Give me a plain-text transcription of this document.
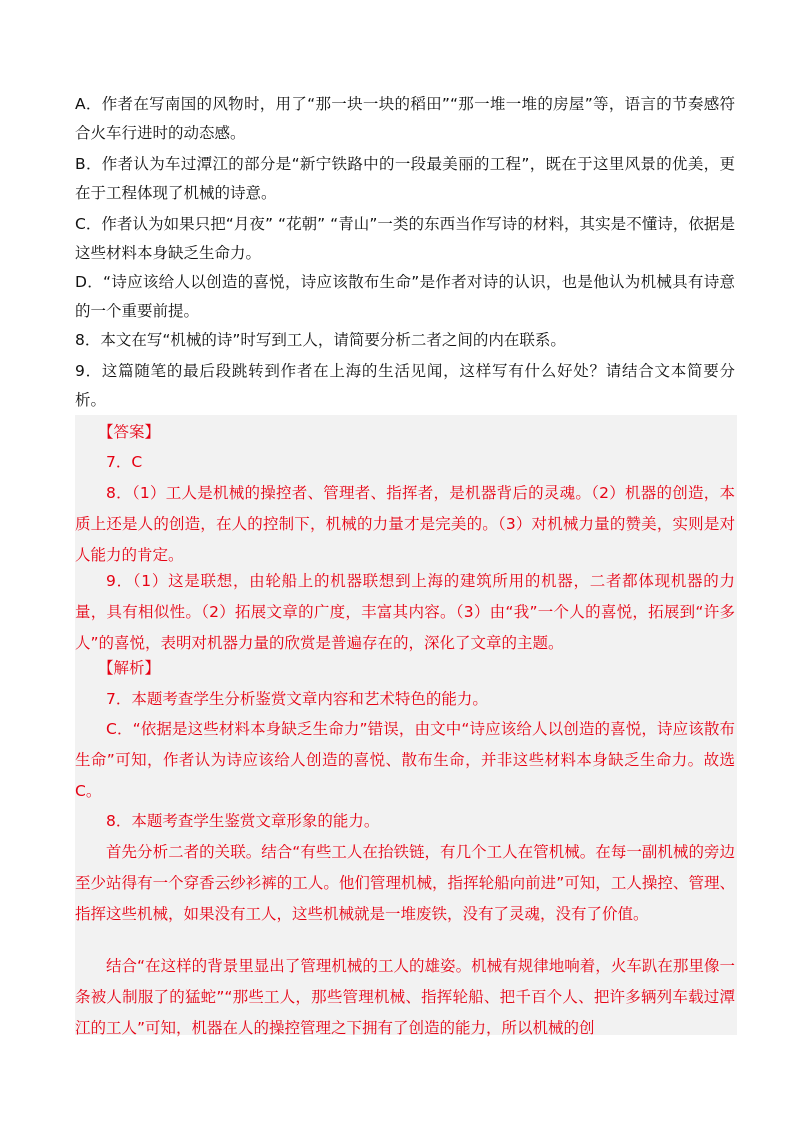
A．作者在写南国的风物时，用了“那一块一块的稻田”“那一堆一堆的房屋”等，语言的节奏感符合火车行进时的动态感。

B．作者认为车过潭江的部分是“新宁铁路中的一段最美丽的工程”，既在于这里风景的优美，更在于工程体现了机械的诗意。

C．作者认为如果只把“月夜” “花朝” “青山”一类的东西当作写诗的材料，其实是不懂诗，依据是这些材料本身缺乏生命力。

D．“诗应该给人以创造的喜悦，诗应该散布生命”是作者对诗的认识，也是他认为机械具有诗意的一个重要前提。

8．本文在写“机械的诗”时写到工人，请简要分析二者之间的内在联系。

9．这篇随笔的最后段跳转到作者在上海的生活见闻，这样写有什么好处？请结合文本简要分析。

【答案】

7．C

8．（1）工人是机械的操控者、管理者、指挥者，是机器背后的灵魂。（2）机器的创造，本质上还是人的创造，在人的控制下，机械的力量才是完美的。（3）对机械力量的赞美，实则是对人能力的肯定。

9．（1）这是联想，由轮船上的机器联想到上海的建筑所用的机器，二者都体现机器的力量，具有相似性。（2）拓展文章的广度，丰富其内容。（3）由“我”一个人的喜悦，拓展到“许多人”的喜悦，表明对机器力量的欣赏是普遍存在的，深化了文章的主题。

【解析】

7．本题考查学生分析鉴赏文章内容和艺术特色的能力。

C．“依据是这些材料本身缺乏生命力”错误，由文中“诗应该给人以创造的喜悦，诗应该散布生命”可知，作者认为诗应该给人创造的喜悦、散布生命，并非这些材料本身缺乏生命力。故选C。

8．本题考查学生鉴赏文章形象的能力。

首先分析二者的关联。结合“有些工人在抬铁链，有几个工人在管机械。在每一副机械的旁边至少站得有一个穿香云纱衫裤的工人。他们管理机械，指挥轮船向前进”可知，工人操控、管理、指挥这些机械，如果没有工人，这些机械就是一堆废铁，没有了灵魂，没有了价值。

结合“在这样的背景里显出了管理机械的工人的雄姿。机械有规律地响着，火车趴在那里像一条被人制服了的猛蛇”“那些工人，那些管理机械、指挥轮船、把千百个人、把许多辆列车载过潭江的工人”可知，机器在人的操控管理之下拥有了创造的能力，所以机械的创
